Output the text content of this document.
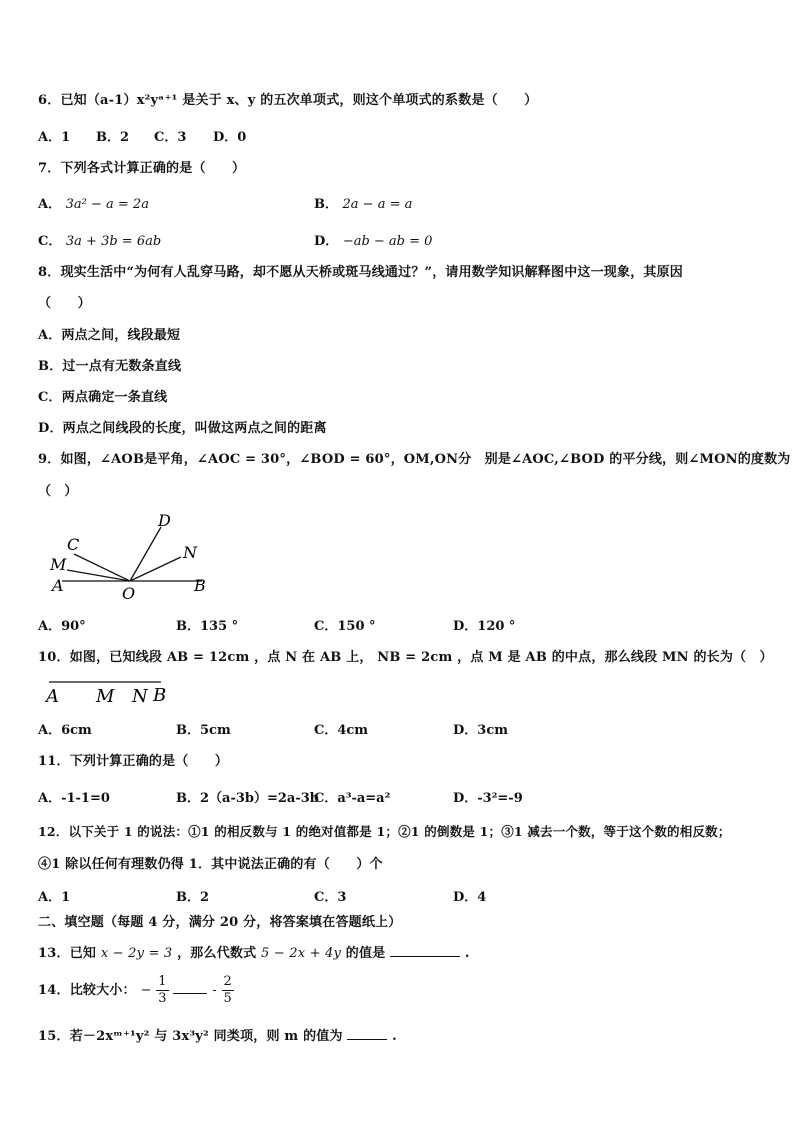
6．已知（a-1）x²yᵃ⁺¹ 是关于 x、y 的五次单项式，则这个单项式的系数是（　　）
A．1 B．2 C．3 D．0
7．下列各式计算正确的是（　　）
A． 3a² − a = 2a	B． 2a − a = a
C． 3a + 3b = 6ab	D． −ab − ab = 0
8．现实生活中“为何有人乱穿马路，却不愿从天桥或斑马线通过？”，请用数学知识解释图中这一现象，其原因
（　　）
A．两点之间，线段最短
B．过一点有无数条直线
C．两点确定一条直线
D．两点之间线段的长度，叫做这两点之间的距离
9．如图，∠AOB是平角，∠AOC = 30°，∠BOD = 60°，OM,ON分　别是∠AOC,∠BOD 的平分线，则∠MON的度数为
（　）
D
C	N
M
A	O	B
A．90°	B．135 °	C．150 °	D．120 °
10．如图，已知线段 AB = 12cm ，点 N 在 AB 上， NB = 2cm ，点 M 是 AB 的中点，那么线段 MN 的长为（　）
A M N B
A．6cm	B．5cm	C．4cm	D．3cm
11．下列计算正确的是（　　）
A．-1-1=0	B．2（a-3b）=2a-3b
C．a³-a=a²	D．-3²=-9
12．以下关于 1 的说法：①1 的相反数与 1 的绝对值都是 1；②1 的倒数是 1；③1 减去一个数，等于这个数的相反数；
④1 除以任何有理数仍得 1．其中说法正确的有（　　）个
A．1	B．2	C．3	D．4
二、填空题（每题 4 分，满分 20 分，将答案填在答题纸上）
13．已知 x − 2y = 3 ，那么代数式 5 − 2x + 4y 的值是	.
14．比较大小： − $\frac{1}{3}$	- $\frac{2}{5}$
15．若－2xᵐ⁺¹y² 与 3x³y² 同类项，则 m 的值为	.
